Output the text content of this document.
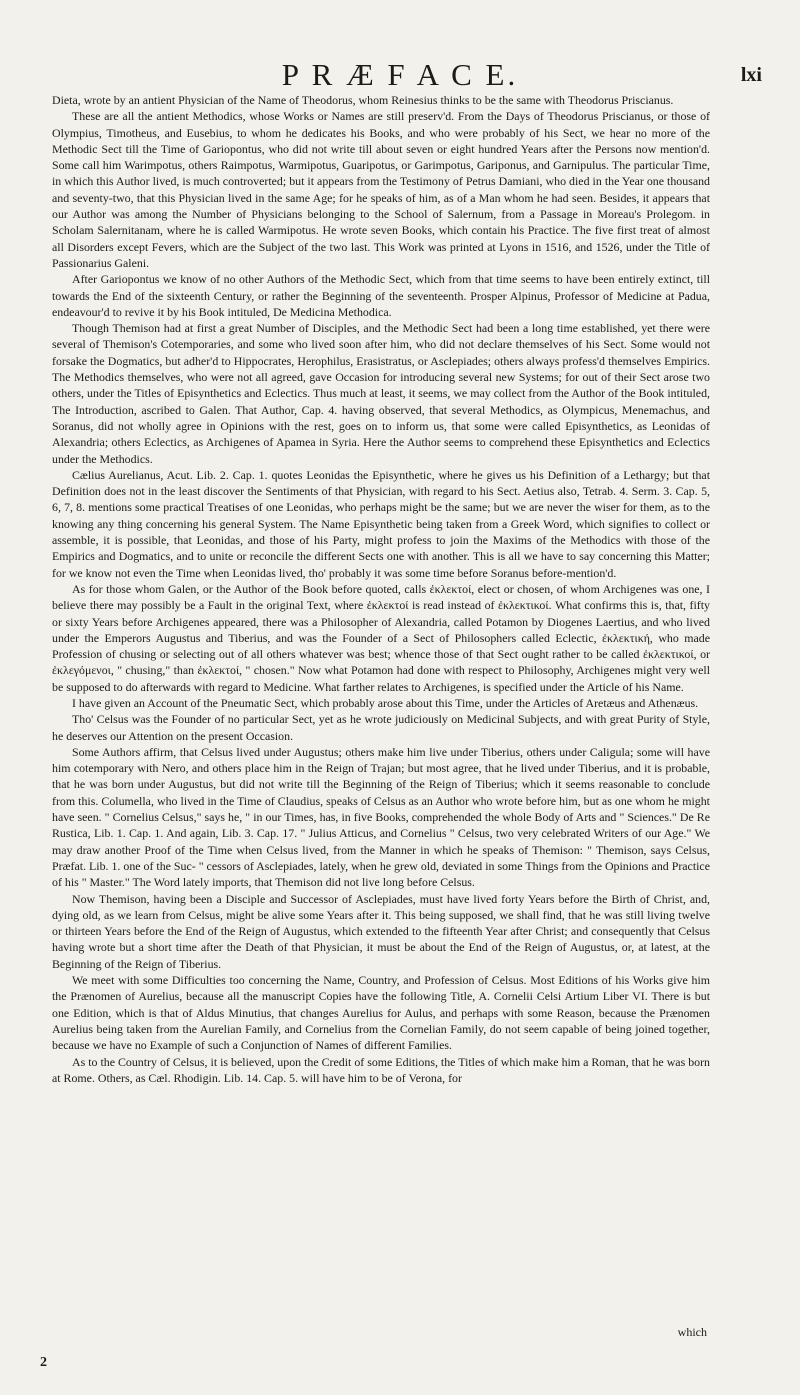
P R Æ F A C E.	lxi

Dieta, wrote by an antient Physician of the Name of Theodorus, whom Reinesius thinks to be the same with Theodorus Priscianus.

These are all the antient Methodics, whose Works or Names are still preserv'd. From the Days of Theodorus Priscianus, or those of Olympius, Timotheus, and Eusebius, to whom he dedicates his Books, and who were probably of his Sect, we hear no more of the Methodic Sect till the Time of Gariopontus, who did not write till about seven or eight hundred Years after the Persons now mention'd. Some call him Warimpotus, others Raimpotus, Warmipotus, Guaripotus, or Garimpotus, Gariponus, and Garnipulus. The particular Time, in which this Author lived, is much controverted; but it appears from the Testimony of Petrus Damiani, who died in the Year one thousand and seventy-two, that this Physician lived in the same Age; for he speaks of him, as of a Man whom he had seen. Besides, it appears that our Author was among the Number of Physicians belonging to the School of Salernum, from a Passage in Moreau's Prolegom. in Scholam Salernitanam, where he is called Warmipotus. He wrote seven Books, which contain his Practice. The five first treat of almost all Disorders except Fevers, which are the Subject of the two last. This Work was printed at Lyons in 1516, and 1526, under the Title of Passionarius Galeni.

After Gariopontus we know of no other Authors of the Methodic Sect, which from that time seems to have been entirely extinct, till towards the End of the sixteenth Century, or rather the Beginning of the seventeenth. Prosper Alpinus, Professor of Medicine at Padua, endeavour'd to revive it by his Book intituled, De Medicina Methodica.

Though Themison had at first a great Number of Disciples, and the Methodic Sect had been a long time established, yet there were several of Themison's Cotemporaries, and some who lived soon after him, who did not declare themselves of his Sect. Some would not forsake the Dogmatics, but adher'd to Hippocrates, Herophilus, Erasistratus, or Asclepiades; others always profess'd themselves Empirics. The Methodics themselves, who were not all agreed, gave Occasion for introducing several new Systems; for out of their Sect arose two others, under the Titles of Episynthetics and Eclectics. Thus much at least, it seems, we may collect from the Author of the Book intituled, The Introduction, ascribed to Galen. That Author, Cap. 4. having observed, that several Methodics, as Olympicus, Menemachus, and Soranus, did not wholly agree in Opinions with the rest, goes on to inform us, that some were called Episynthetics, as Leonidas of Alexandria; others Eclectics, as Archigenes of Apamea in Syria. Here the Author seems to comprehend these Episynthetics and Eclectics under the Methodics.

Cælius Aurelianus, Acut. Lib. 2. Cap. 1. quotes Leonidas the Episynthetic, where he gives us his Definition of a Lethargy; but that Definition does not in the least discover the Sentiments of that Physician, with regard to his Sect. Aetius also, Tetrab. 4. Serm. 3. Cap. 5, 6, 7, 8. mentions some practical Treatises of one Leonidas, who perhaps might be the same; but we are never the wiser for them, as to the knowing any thing concerning his general System. The Name Episynthetic being taken from a Greek Word, which signifies to collect or assemble, it is possible, that Leonidas, and those of his Party, might profess to join the Maxims of the Methodics with those of the Empirics and Dogmatics, and to unite or reconcile the different Sects one with another. This is all we have to say concerning this Matter; for we know not even the Time when Leonidas lived, tho' probably it was some time before Soranus before-mention'd.

As for those whom Galen, or the Author of the Book before quoted, calls ἐκλεκτοί, elect or chosen, of whom Archigenes was one, I believe there may possibly be a Fault in the original Text, where ἐκλεκτοί is read instead of ἐκλεκτικοί. What confirms this is, that, fifty or sixty Years before Archigenes appeared, there was a Philosopher of Alexandria, called Potamon by Diogenes Laertius, and who lived under the Emperors Augustus and Tiberius, and was the Founder of a Sect of Philosophers called Eclectic, ἐκλεκτική, who made Profession of chusing or selecting out of all others whatever was best; whence those of that Sect ought rather to be called ἐκλεκτικοί, or ἐκλεγόμενοι, " chusing," than ἐκλεκτοί, " chosen." Now what Potamon had done with respect to Philosophy, Archigenes might very well be supposed to do afterwards with regard to Medicine. What farther relates to Archigenes, is specified under the Article of his Name.

I have given an Account of the Pneumatic Sect, which probably arose about this Time, under the Articles of Aretæus and Athenæus.

Tho' Celsus was the Founder of no particular Sect, yet as he wrote judiciously on Medicinal Subjects, and with great Purity of Style, he deserves our Attention on the present Occasion.

Some Authors affirm, that Celsus lived under Augustus; others make him live under Tiberius, others under Caligula; some will have him cotemporary with Nero, and others place him in the Reign of Trajan; but most agree, that he lived under Tiberius, and it is probable, that he was born under Augustus, but did not write till the Beginning of the Reign of Tiberius; which it seems reasonable to conclude from this. Columella, who lived in the Time of Claudius, speaks of Celsus as an Author who wrote before him, but as one whom he might have seen. " Cornelius Celsus," says he, " in our Times, has, in five Books, comprehended the whole Body of Arts and " Sciences." De Re Rustica, Lib. 1. Cap. 1. And again, Lib. 3. Cap. 17. " Julius Atticus, and Cornelius " Celsus, two very celebrated Writers of our Age." We may draw another Proof of the Time when Celsus lived, from the Manner in which he speaks of Themison: " Themison, says Celsus, Præfat. Lib. 1. one of the Suc- " cessors of Asclepiades, lately, when he grew old, deviated in some Things from the Opinions and Practice of his " Master." The Word lately imports, that Themison did not live long before Celsus.

Now Themison, having been a Disciple and Successor of Asclepiades, must have lived forty Years before the Birth of Christ, and, dying old, as we learn from Celsus, might be alive some Years after it. This being supposed, we shall find, that he was still living twelve or thirteen Years before the End of the Reign of Augustus, which extended to the fifteenth Year after Christ; and consequently that Celsus having wrote but a short time after the Death of that Physician, it must be about the End of the Reign of Augustus, or, at latest, at the Beginning of the Reign of Tiberius.

We meet with some Difficulties too concerning the Name, Country, and Profession of Celsus. Most Editions of his Works give him the Prænomen of Aurelius, because all the manuscript Copies have the following Title, A. Cornelii Celsi Artium Liber VI. There is but one Edition, which is that of Aldus Minutius, that changes Aurelius for Aulus, and perhaps with some Reason, because the Prænomen Aurelius being taken from the Aurelian Family, and Cornelius from the Cornelian Family, do not seem capable of being joined together, because we have no Example of such a Conjunction of Names of different Families.

As to the Country of Celsus, it is believed, upon the Credit of some Editions, the Titles of which make him a Roman, that he was born at Rome. Others, as Cæl. Rhodigin. Lib. 14. Cap. 5. will have him to be of Verona, for

which
2
